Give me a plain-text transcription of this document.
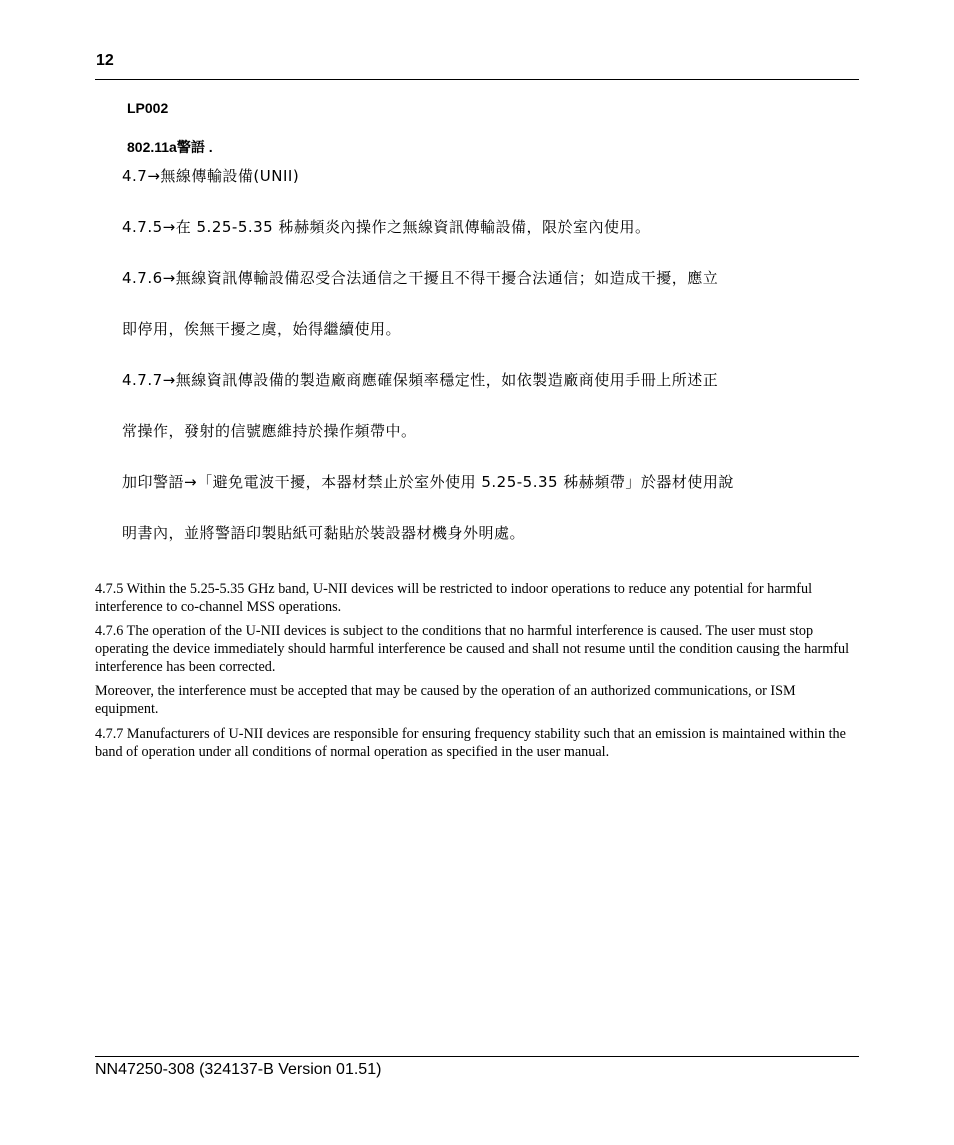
12
LP002
802.11a警語 .
4.7→無線傳輸設備(UNII)
4.7.5→在 5.25-5.35 秭赫頻炎內操作之無線資訊傳輸設備，限於室內使用。
4.7.6→無線資訊傳輸設備忍受合法通信之干擾且不得干擾合法通信；如造成干擾，應立
即停用，俟無干擾之虞，始得繼續使用。
4.7.7→無線資訊傳設備的製造廠商應確保頻率穩定性，如依製造廠商使用手冊上所述正
常操作，發射的信號應維持於操作頻帶中。
加印警語→「避免電波干擾，本器材禁止於室外使用 5.25-5.35 秭赫頻帶」於器材使用說
明書內，並將警語印製貼紙可黏貼於裝設器材機身外明處。
4.7.5 Within the 5.25-5.35 GHz band, U-NII devices will be restricted to indoor operations to reduce any potential for harmful interference to co-channel MSS operations.
4.7.6 The operation of the U-NII devices is subject to the conditions that no harmful interference is caused. The user must stop operating the device immediately should harmful interference be caused and shall not resume until the condition causing the harmful interference has been corrected.
Moreover, the interference must be accepted that may be caused by the operation of an authorized communications, or ISM equipment.
4.7.7 Manufacturers of U-NII devices are responsible for ensuring frequency stability such that an emission is maintained within the band of operation under all conditions of normal operation as specified in the user manual.
NN47250-308 (324137-B Version 01.51)
